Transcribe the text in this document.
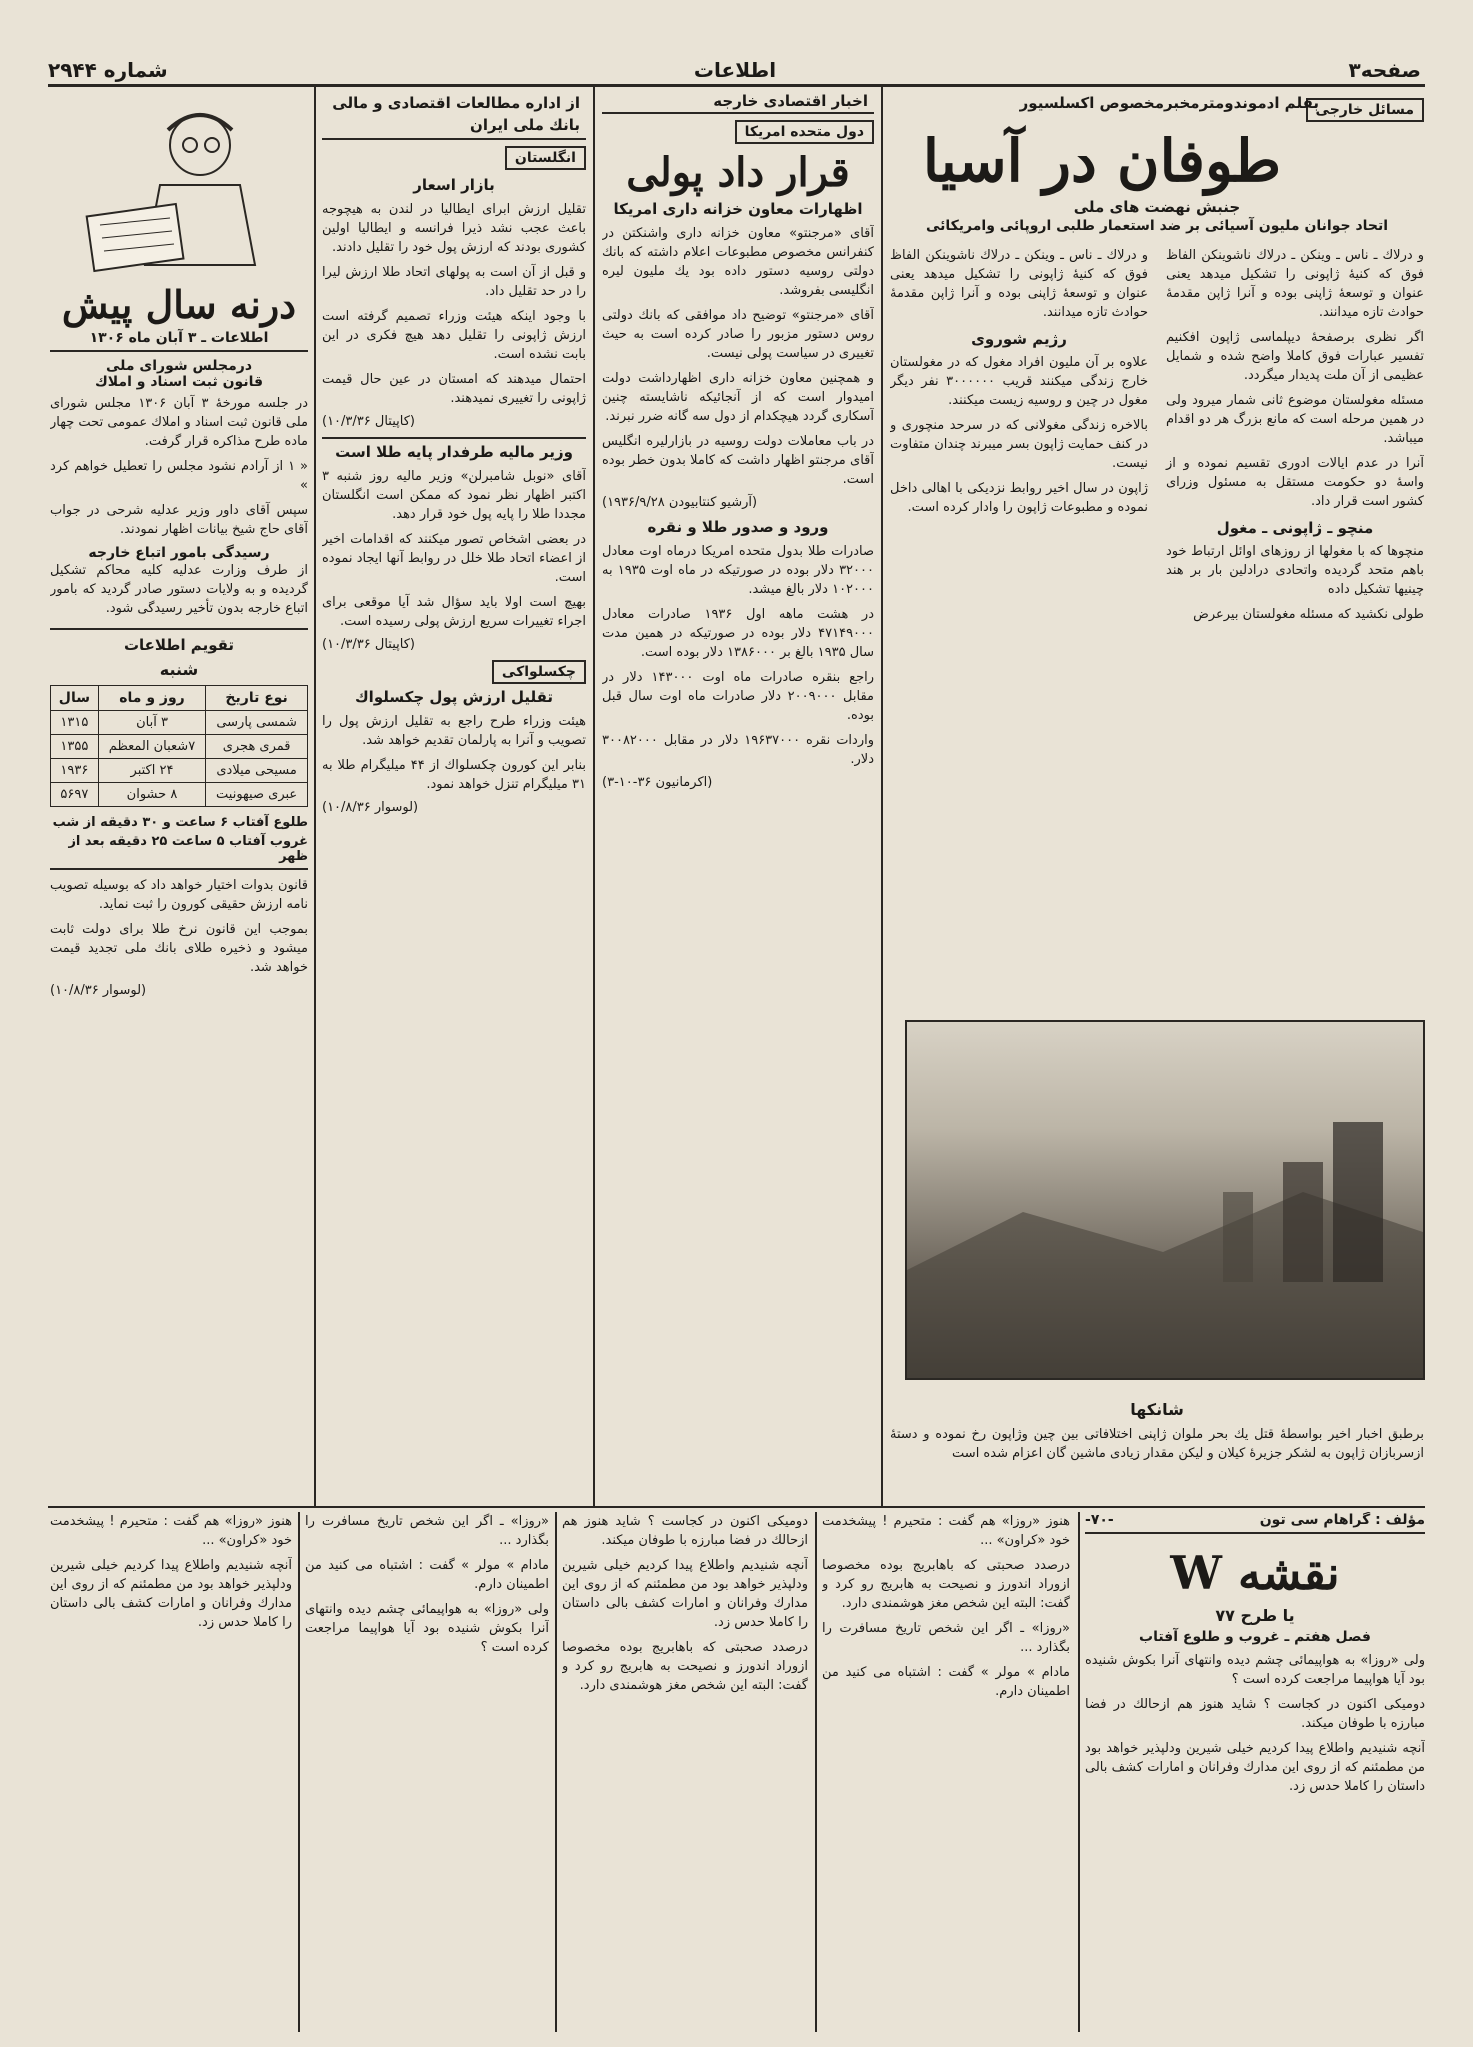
صفحه۳
اطلاعات
شماره ۲۹۴۴
مسائل خارجی
بقلم ادموندومترمخبرمخصوص اکسلسیور
طوفان در آسیا
جنبش نهضت های ملی
اتحاد جوانان ملیون آسیائی بر ضد استعمار طلبی اروپائی وامریکائی

و درلاك ـ ناس ـ وینكن ـ درلاك ناشوینكن الفاظ فوق كه كنیهٔ ژاپونی را تشكیل میدهد یعنی عنوان و توسعهٔ ژاپنی بوده و آنرا ژاپن مقدمهٔ حوادث تازه میدانند.

اگر نظری برصفحهٔ دیپلماسی ژاپون افكنیم تفسیر عبارات فوق كاملا واضح شده و شمایل عظیمی از آن ملت پدیدار میگردد.

مسئله مغولستان موضوع ثانی شمار میرود ولی در همین مرحله است كه مانع بزرگ هر دو اقدام میباشد.

آنرا در عدم ایالات ادوری تقسیم نموده و از واسهٔ دو حكومت مستقل به مسئول وزرای كشور است قرار داد.

منچو ـ ژاپونی ـ مغول

منچوها كه با مغولها از روزهای اوائل ارتباط خود باهم متحد گردیده واتحادی درادلین بار بر هند چینیها تشكیل داده

طولی نكشید كه مسئله مغولستان بیرعرض

و درلاك ـ ناس ـ وینكن ـ درلاك ناشوینكن الفاظ فوق كه كنیهٔ ژاپونی را تشكیل میدهد یعنی عنوان و توسعهٔ ژاپنی بوده و آنرا ژاپن مقدمهٔ حوادث تازه میدانند.

رژیم شوروی

علاوه بر آن ملیون افراد مغول كه در مغولستان خارج زندگی میكنند قریب ۳۰۰۰۰۰۰ نفر دیگر مغول در چین و روسیه زیست میكنند.

بالاخره زندگی مغولانی كه در سرحد منچوری و در كنف حمایت ژاپون بسر میبرند چندان متفاوت نیست.

ژاپون در سال اخیر روابط نزدیكی با اهالی داخل نموده و مطبوعات ژاپون را وادار كرده است.

شانكها
برطبق اخبار اخیر بواسطهٔ قتل یك بحر ملوان ژاپنی اختلافاتی بین چین وژاپون رخ نموده و دستهٔ ازسربازان ژاپون به لشكر جزیرهٔ كیلان و لیكن مقدار زیادی ماشین گان اعزام شده است
اخبار اقتصادی خارجه
دول متحده امریكا
قرار داد پولی
اظهارات معاون خزانه داری امریكا

آقای «مرجنتو» معاون خزانه داری واشنكتن در كنفرانس مخصوص مطبوعات اعلام داشته كه بانك دولتی روسیه دستور داده بود یك ملیون لیره انگلیسی بفروشد.

آقای «مرجنتو» توضیح داد موافقی كه بانك دولتی روس دستور مزبور را صادر كرده است به حیث تغییری در سیاست پولی نیست.

و همچنین معاون خزانه داری اظهارداشت دولت امیدوار است كه از آنجائیكه ناشایسته چنین آسكاری گردد هیچكدام از دول سه گانه ضرر نبرند.

در باب معاملات دولت روسیه در بازارلیره انگلیس آقای مرجنتو اظهار داشت كه كاملا بدون خطر بوده است.

(آرشیو كنتابیودن ۱۹۳۶/۹/۲۸)
ورود و صدور طلا و نقره

صادرات طلا بدول متحده امریكا درماه اوت معادل ۳۲۰۰۰ دلار بوده در صورتیكه در ماه اوت ۱۹۳۵ به ۱۰۲۰۰۰ دلار بالغ میشد.

در هشت ماهه اول ۱۹۳۶ صادرات معادل ۴۷۱۴۹۰۰۰ دلار بوده در صورتیكه در همین مدت سال ۱۹۳۵ بالغ بر ۱۳۸۶۰۰۰ دلار بوده است.

راجع بنقره صادرات ماه اوت ۱۴۳۰۰۰ دلار در مقابل ۲۰۰۹۰۰۰ دلار صادرات ماه اوت سال قبل بوده.

واردات نقره ۱۹۶۳۷۰۰۰ دلار در مقابل ۳۰۰۸۲۰۰۰ دلار.

(اكرمانیون ۳۶-۱۰-۳)
از اداره مطالعات اقتصادی و مالی بانك ملی ایران
انگلستان
بازار اسعار

تقلیل ارزش ابرای ایطالیا در لندن به هیچوجه باعث عجب نشد ذیرا فرانسه و ایطالیا اولین كشوری بودند كه ارزش پول خود را تقلیل دادند.

و قبل از آن است به پولهای اتحاد طلا ارزش لیرا را در حد تقلیل داد.

با وجود اینكه هیئت وزراء تصمیم گرفته است ارزش ژاپونی را تقلیل دهد هیچ فكری در این بابت نشده است.

احتمال میدهند كه امستان در عین حال قیمت ژاپونی را تغییری نمیدهند.

(كاپیتال ۱۰/۳/۳۶)
وزیر مالیه طرفدار پایه طلا است

آقای «نوبل شامبرلن» وزیر مالیه روز شنبه ۳ اكتبر اظهار نظر نمود كه ممكن است انگلستان مجددا طلا را پایه پول خود قرار دهد.

در بعضی اشخاص تصور میكنند كه اقدامات اخیر از اعضاء اتحاد طلا خلل در روابط آنها ایجاد نموده است.

بهیچ است اولا باید سؤال شد آیا موقعی برای اجراء تغییرات سریع ارزش پولی رسیده است.

(كاپیتال ۱۰/۳/۳۶)
چكسلواكی
تقلیل ارزش پول چكسلواك

هیئت وزراء طرح راجع به تقلیل ارزش پول را تصویب و آنرا به پارلمان تقدیم خواهد شد.

بنابر این كورون چكسلواك از ۴۴ میلیگرام طلا به ۳۱ میلیگرام تنزل خواهد نمود.

(لوسوار ۱۰/۸/۳۶)
درنه سال پیش
اطلاعات ـ ۳ آبان ماه ۱۳۰۶
درمجلس شورای ملی
قانون ثبت اسناد و املاك

در جلسه مورخهٔ ۳ آبان ۱۳۰۶ مجلس شورای ملی قانون ثبت اسناد و املاك عمومی تحت چهار ماده طرح مذاكره قرار گرفت.

« ۱ از آرادم نشود مجلس را تعطیل خواهم كرد »

سپس آقای داور وزیر عدلیه شرحی در جواب آقای حاج شیخ بیانات اظهار نمودند.

رسیدگی بامور اتباع خارجه

از طرف وزارت عدلیه كلیه محاكم تشكیل گردیده و به ولایات دستور صادر گردید كه بامور اتباع خارجه بدون تأخیر رسیدگی شود.

تقویم اطلاعات
شنبه
نوع تاریخ	روز و ماه	سال
شمسی پارسی	۳ آبان	۱۳۱۵
قمری هجری	۷شعبان المعظم	۱۳۵۵
مسیحی میلادی	۲۴ اكتبر	۱۹۳۶
عبری صیهونیت	۸ حشوان	۵۶۹۷
طلوع آفتاب ۶ ساعت و ۳۰ دقیقه از شب
غروب آفتاب ۵ ساعت ۲۵ دقیقه بعد از ظهر

قانون بدوات اختیار خواهد داد كه بوسیله تصویب نامه ارزش حقیقی كورون را ثبت نماید.

بموجب این قانون نرخ طلا برای دولت ثابت میشود و ذخیره طلای بانك ملی تجدید قیمت خواهد شد.

(لوسوار ۱۰/۸/۳۶)
مؤلف : گراهام سی تون
-۷۰-
نقشه W
یا طرح ۷۷
فصل هفتم ـ غروب و طلوع آفتاب

ولی «روزا» به هواپیمائی چشم دیده وانتهای آنرا بكوش شنیده بود آیا هواپیما مراجعت كرده است ؟

دومیكی اكنون در كجاست ؟ شاید هنوز هم ازحالك در فضا مبارزه با طوفان میكند.

آنچه شنیدیم واطلاع پیدا كردیم خیلی شیرین ودلپذیر خواهد بود من مطمئنم كه از روی این مدارك وفرانان و امارات كشف بالی داستان را كاملا حدس زد.

هنوز «روزا» هم گفت : متحیرم ! پیشخدمت خود «كراون» ...

درصدد صحبتی كه باها‌بریج بوده مخصوصا ازوراد اندورز و نصیحت به هابریج رو كرد و گفت: البته این شخص مغز هوشمندی دارد.

«روزا» ـ اگر این شخص تاریخ مسافرت را بگذارد ...

مادام » مولر » گفت : اشتباه می كنید من اطمینان دارم.

دومیكی اكنون در كجاست ؟ شاید هنوز هم ازحالك در فضا مبارزه با طوفان میكند.

آنچه شنیدیم واطلاع پیدا كردیم خیلی شیرین ودلپذیر خواهد بود من مطمئنم كه از روی این مدارك وفرانان و امارات كشف بالی داستان را كاملا حدس زد.

درصدد صحبتی كه باها‌بریج بوده مخصوصا ازوراد اندورز و نصیحت به هابریج رو كرد و گفت: البته این شخص مغز هوشمندی دارد.

«روزا» ـ اگر این شخص تاریخ مسافرت را بگذارد ...

مادام » مولر » گفت : اشتباه می كنید من اطمینان دارم.

ولی «روزا» به هواپیمائی چشم دیده وانتهای آنرا بكوش شنیده بود آیا هواپیما مراجعت كرده است ؟

هنوز «روزا» هم گفت : متحیرم ! پیشخدمت خود «كراون» ...

آنچه شنیدیم واطلاع پیدا كردیم خیلی شیرین ودلپذیر خواهد بود من مطمئنم كه از روی این مدارك وفرانان و امارات كشف بالی داستان را كاملا حدس زد.
